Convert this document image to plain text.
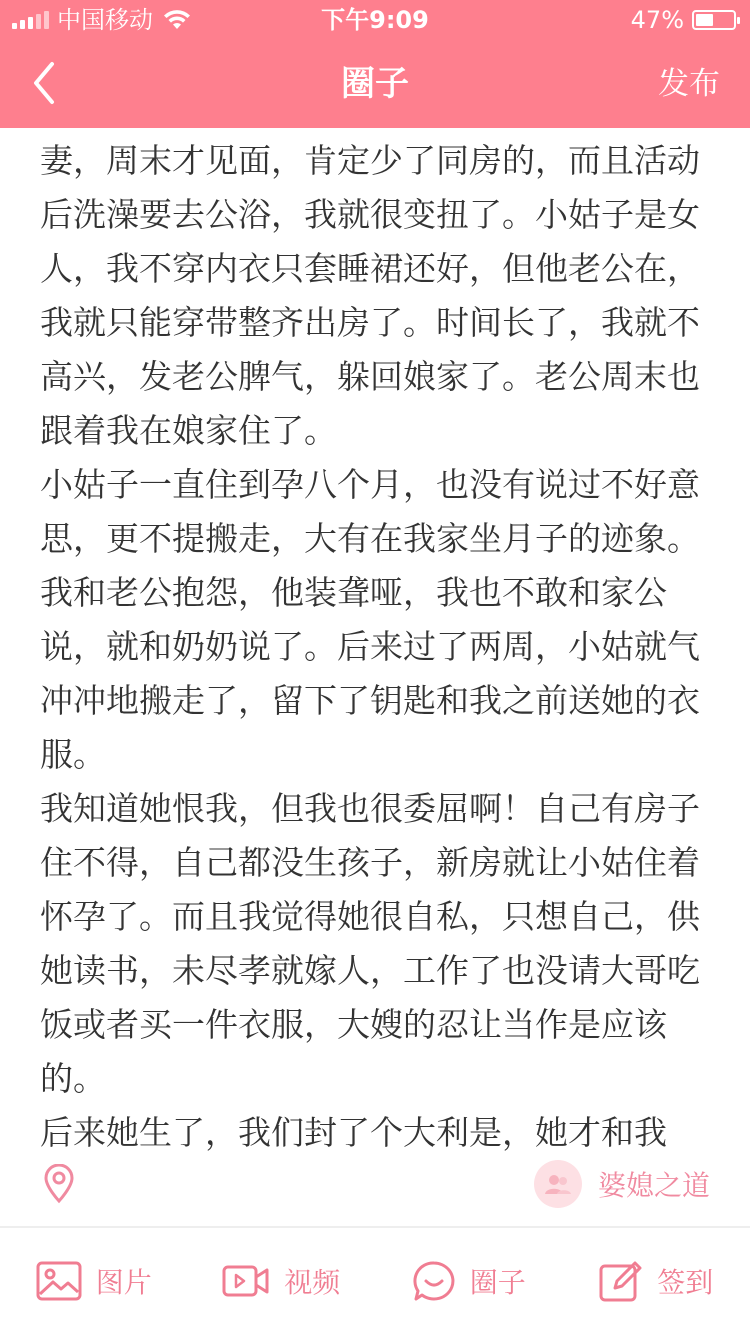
中国移动	下午9:09	47%
圈子	发布

妻，周末才见面，肯定少了同房的，而且活动后洗澡要去公浴，我就很变扭了。小姑子是女人，我不穿内衣只套睡裙还好，但他老公在，我就只能穿带整齐出房了。时间长了，我就不高兴，发老公脾气，躲回娘家了。老公周末也跟着我在娘家住了。

小姑子一直住到孕八个月，也没有说过不好意思，更不提搬走，大有在我家坐月子的迹象。我和老公抱怨，他装聋哑，我也不敢和家公说，就和奶奶说了。后来过了两周，小姑就气冲冲地搬走了，留下了钥匙和我之前送她的衣服。

我知道她恨我，但我也很委屈啊！自己有房子住不得，自己都没生孩子，新房就让小姑住着怀孕了。而且我觉得她很自私，只想自己，供她读书，未尽孝就嫁人，工作了也没请大哥吃饭或者买一件衣服，大嫂的忍让当作是应该的。

后来她生了，我们封了个大利是，她才和我

婆媳之道
图片	视频	圈子	签到
